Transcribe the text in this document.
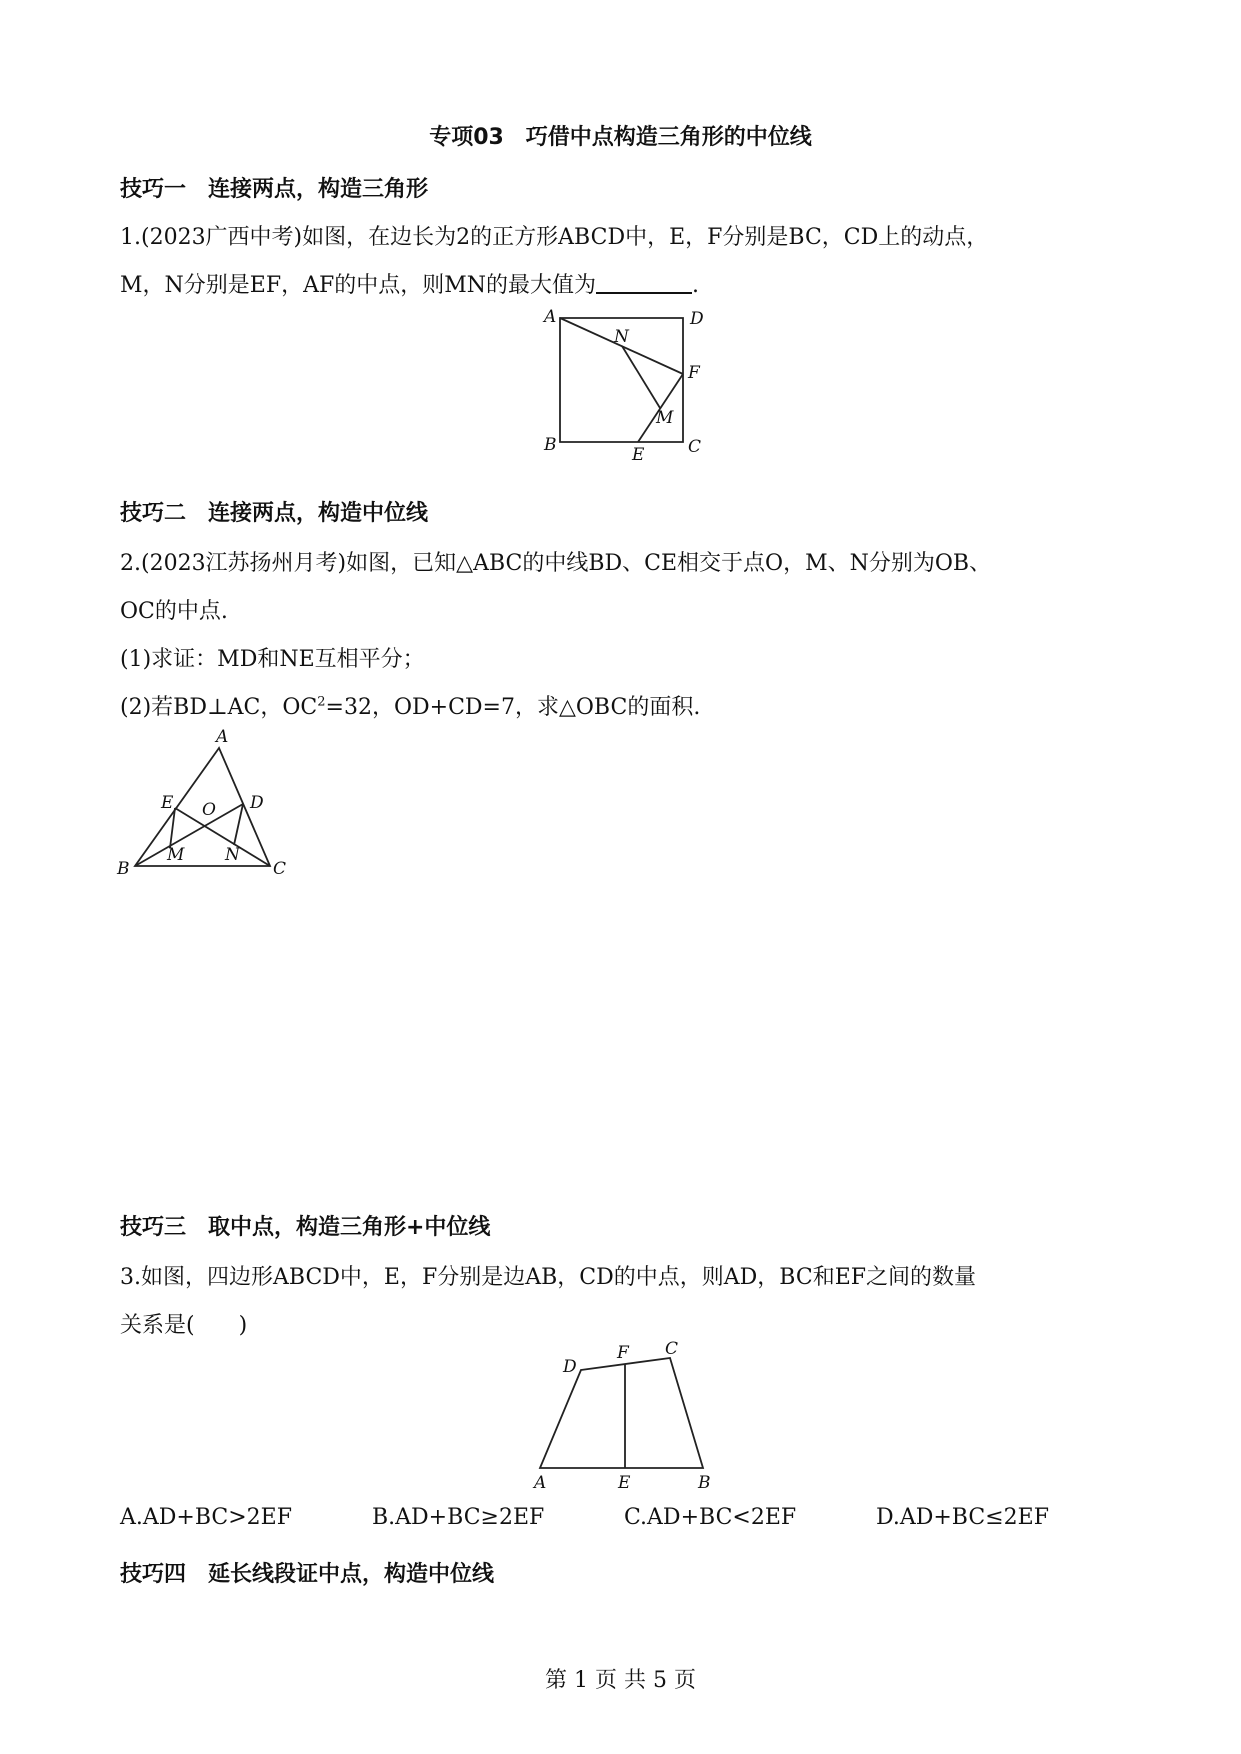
专项03　巧借中点构造三角形的中位线
技巧一　连接两点，构造三角形
1.(2023广西中考)如图，在边长为2的正方形ABCD中，E，F分别是BC，CD上的动点，
M，N分别是EF，AF的中点，则MN的最大值为	.
A	D
F
N
M
B	E	C
技巧二　连接两点，构造中位线
2.(2023江苏扬州月考)如图，已知△ABC的中线BD、CE相交于点O，M、N分别为OB、
OC的中点.
(1)求证：MD和NE互相平分；
(2)若BD⊥AC，$OC^2=32$，OD+CD=7，求△OBC的面积.
A
E	D
O
M N
B	C
技巧三　取中点，构造三角形+中位线
3.如图，四边形ABCD中，E，F分别是边AB，CD的中点，则AD，BC和EF之间的数量
关系是(　　)
D
F C
A	E	B
A.AD+BC>2EF	B.AD+BC≥2EF	C.AD+BC<2EF	D.AD+BC≤2EF
技巧四　延长线段证中点，构造中位线
第 1 页 共 5 页
